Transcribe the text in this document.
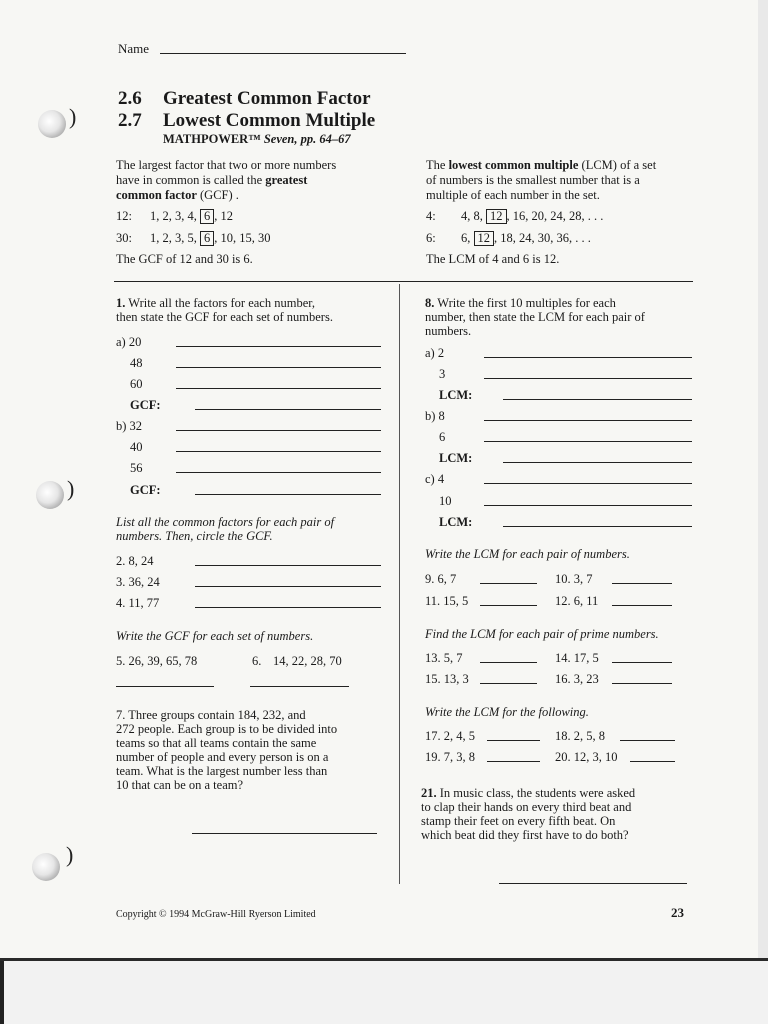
)
)
)
Name
2.6 Greatest Common Factor
2.7 Lowest Common Multiple
MATHPOWER™ Seven, pp. 64–67
The largest factor that two or more numbers
have in common is called the greatest
common factor (GCF) .
12: 1, 2, 3, 4, 6 , 12
30: 1, 2, 3, 5, 6 , 10, 15, 30
The GCF of 12 and 30 is 6.
The lowest common multiple (LCM) of a set
of numbers is the smallest number that is a
multiple of each number in the set.
4: 4, 8, 12 , 16, 20, 24, 28, . . .
6: 6, 12 , 18, 24, 30, 36, . . .
The LCM of 4 and 6 is 12.
1. Write all the factors for each number,
then state the GCF for each set of numbers.
a) 20
48
60
GCF:
b) 32
40
56
GCF:
List all the common factors for each pair of
numbers. Then, circle the GCF.
2. 8, 24
3. 36, 24
4. 11, 77
Write the GCF for each set of numbers.
5. 26, 39, 65, 78	6. 14, 22, 28, 70
7. Three groups contain 184, 232, and
272 people. Each group is to be divided into
teams so that all teams contain the same
number of people and every person is on a
team. What is the largest number less than
10 that can be on a team?
8. Write the first 10 multiples for each
number, then state the LCM for each pair of
numbers.
a) 2
3
LCM:
b) 8
6
LCM:
c) 4
10
LCM:
Write the LCM for each pair of numbers.
9. 6, 7	10. 3, 7
11. 15, 5	12. 6, 11
Find the LCM for each pair of prime numbers.
13. 5, 7	14. 17, 5
15. 13, 3	16. 3, 23
Write the LCM for the following.
17. 2, 4, 5	18. 2, 5, 8
19. 7, 3, 8	20. 12, 3, 10
21. In music class, the students were asked
to clap their hands on every third beat and
stamp their feet on every fifth beat. On
which beat did they first have to do both?
Copyright © 1994 McGraw-Hill Ryerson Limited	23
